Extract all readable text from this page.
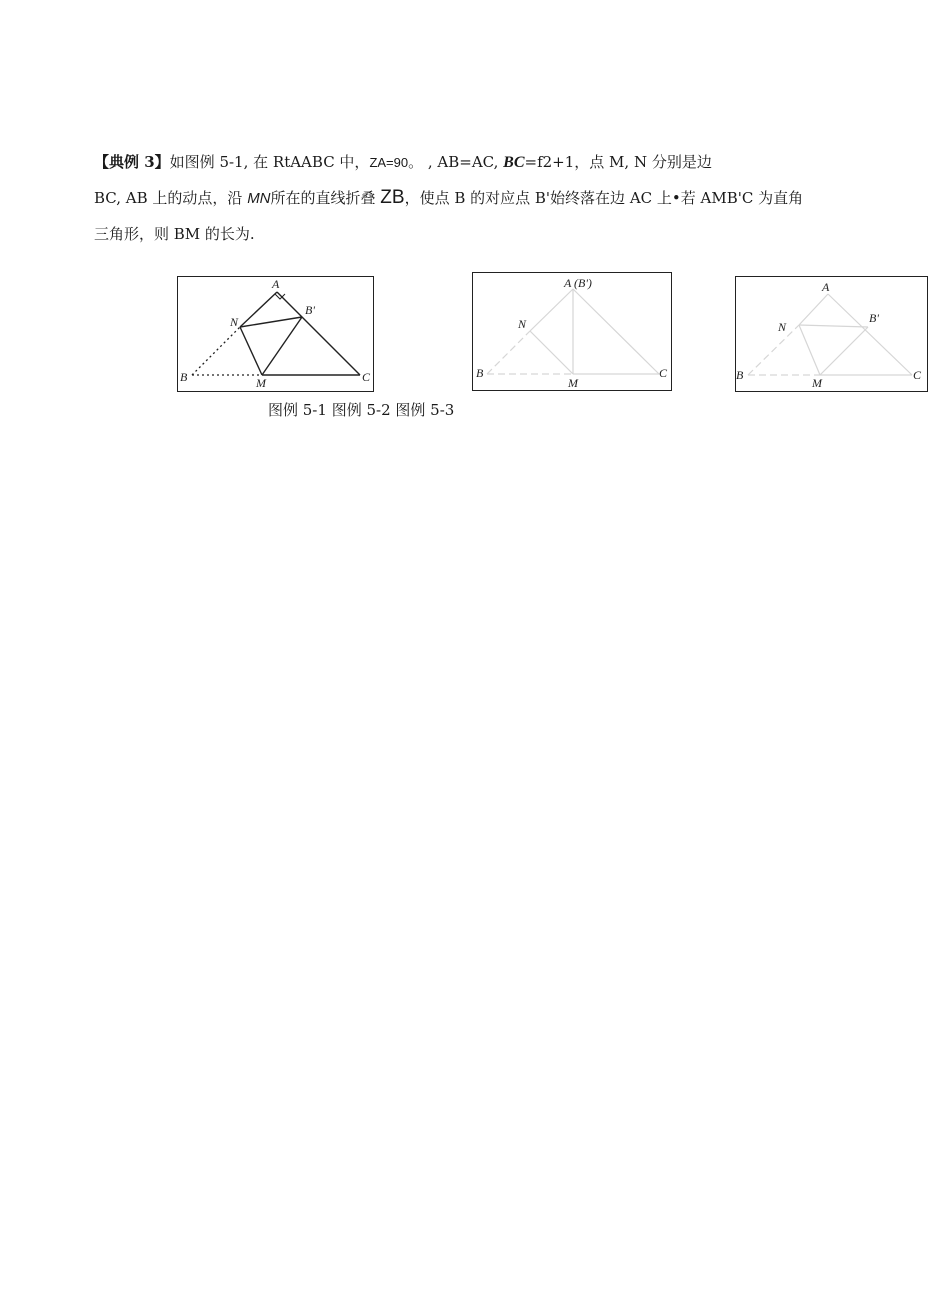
【典例 3】如图例 5-1, 在 RtAABC 中，ZA=90。 , AB=AC, BC=f2+1，点 M, N 分别是边
BC, AB 上的动点，沿 MN所在的直线折叠 ZB，使点 B 的对应点 B'始终落在边 AC 上•若 AMB'C 为直角
三角形，则 BM 的长为.
A
N
B'
B	M	C
A (B')
N
B
M
C
A
N
B'
B
M
C
图例 5-1 图例 5-2 图例 5-3
